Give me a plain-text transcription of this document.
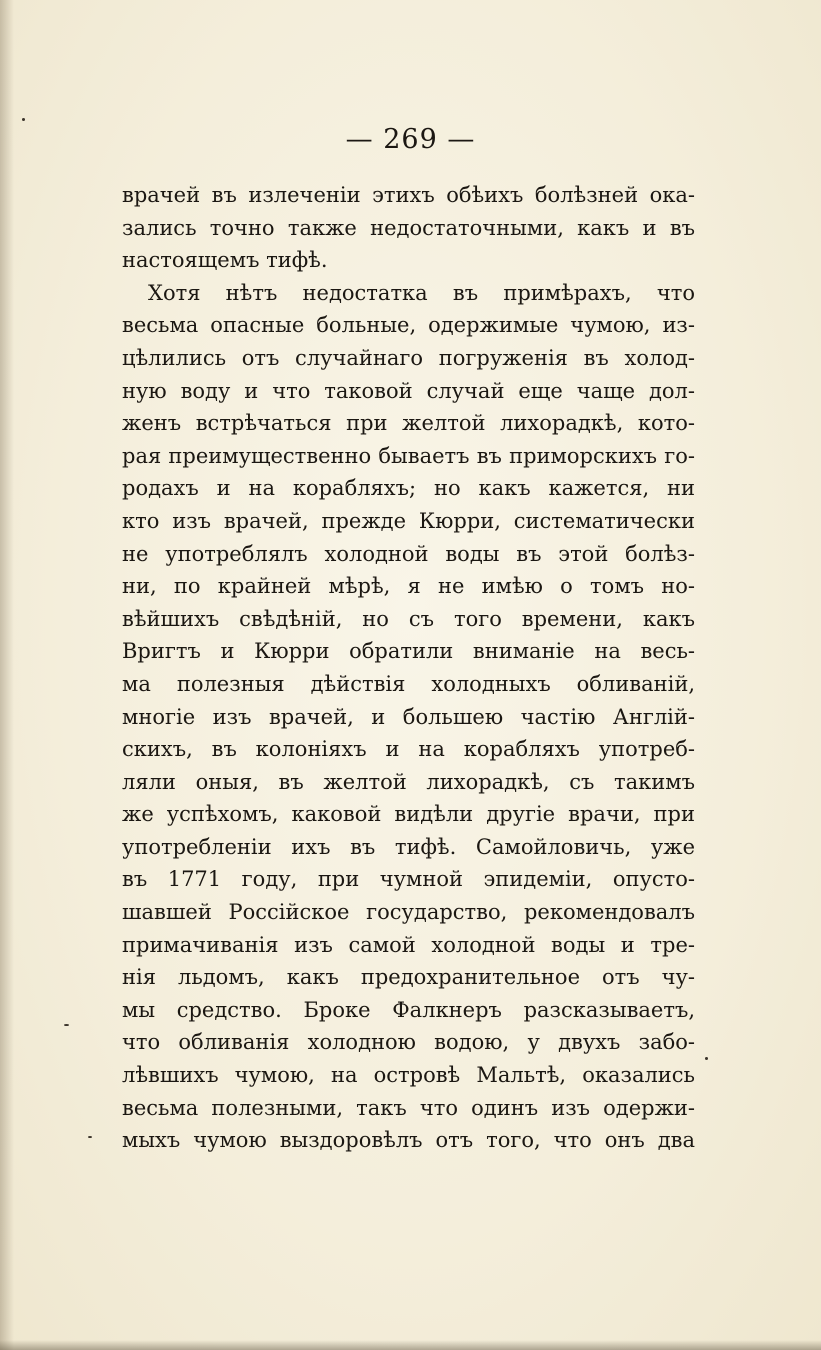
— 269 —
врачей въ излеченіи этихъ обѣихъ болѣзней ока-
зались точно также недостаточными, какъ и въ
настоящемъ тифѣ.
Хотя нѣтъ недостатка въ примѣрахъ, что
весьма опасные больные, одержимые чумою, из-
цѣлились отъ случайнаго погруженія въ холод-
ную воду и что таковой случай еще чаще дол-
женъ встрѣчаться при желтой лихорадкѣ, кото-
рая преимущественно бываетъ въ приморскихъ го-
родахъ и на корабляхъ; но какъ кажется, ни
кто изъ врачей, прежде Кюрри, систематически
не употреблялъ холодной воды въ этой болѣз-
ни, по крайней мѣрѣ, я не имѣю о томъ но-
вѣйшихъ свѣдѣній, но съ того времени, какъ
Вригтъ и Кюрри обратили вниманіе на весь-
ма полезныя дѣйствія холодныхъ обливаній,
многіе изъ врачей, и большею частію Англій-
скихъ, въ колоніяхъ и на корабляхъ употреб-
ляли оныя, въ желтой лихорадкѣ, съ такимъ
же успѣхомъ, каковой видѣли другіе врачи, при
употребленіи ихъ въ тифѣ. Самойловичь, уже
въ 1771 году, при чумной эпидеміи, опусто-
шавшей Россійское государство, рекомендовалъ
примачиванія изъ самой холодной воды и тре-
нія льдомъ, какъ предохранительное отъ чу-
мы средство. Броке Фалкнеръ разсказываетъ,
что обливанія холодною водою, у двухъ забо-
лѣвшихъ чумою, на островѣ Мальтѣ, оказались
весьма полезными, такъ что одинъ изъ одержи-
мыхъ чумою выздоровѣлъ отъ того, что онъ два
